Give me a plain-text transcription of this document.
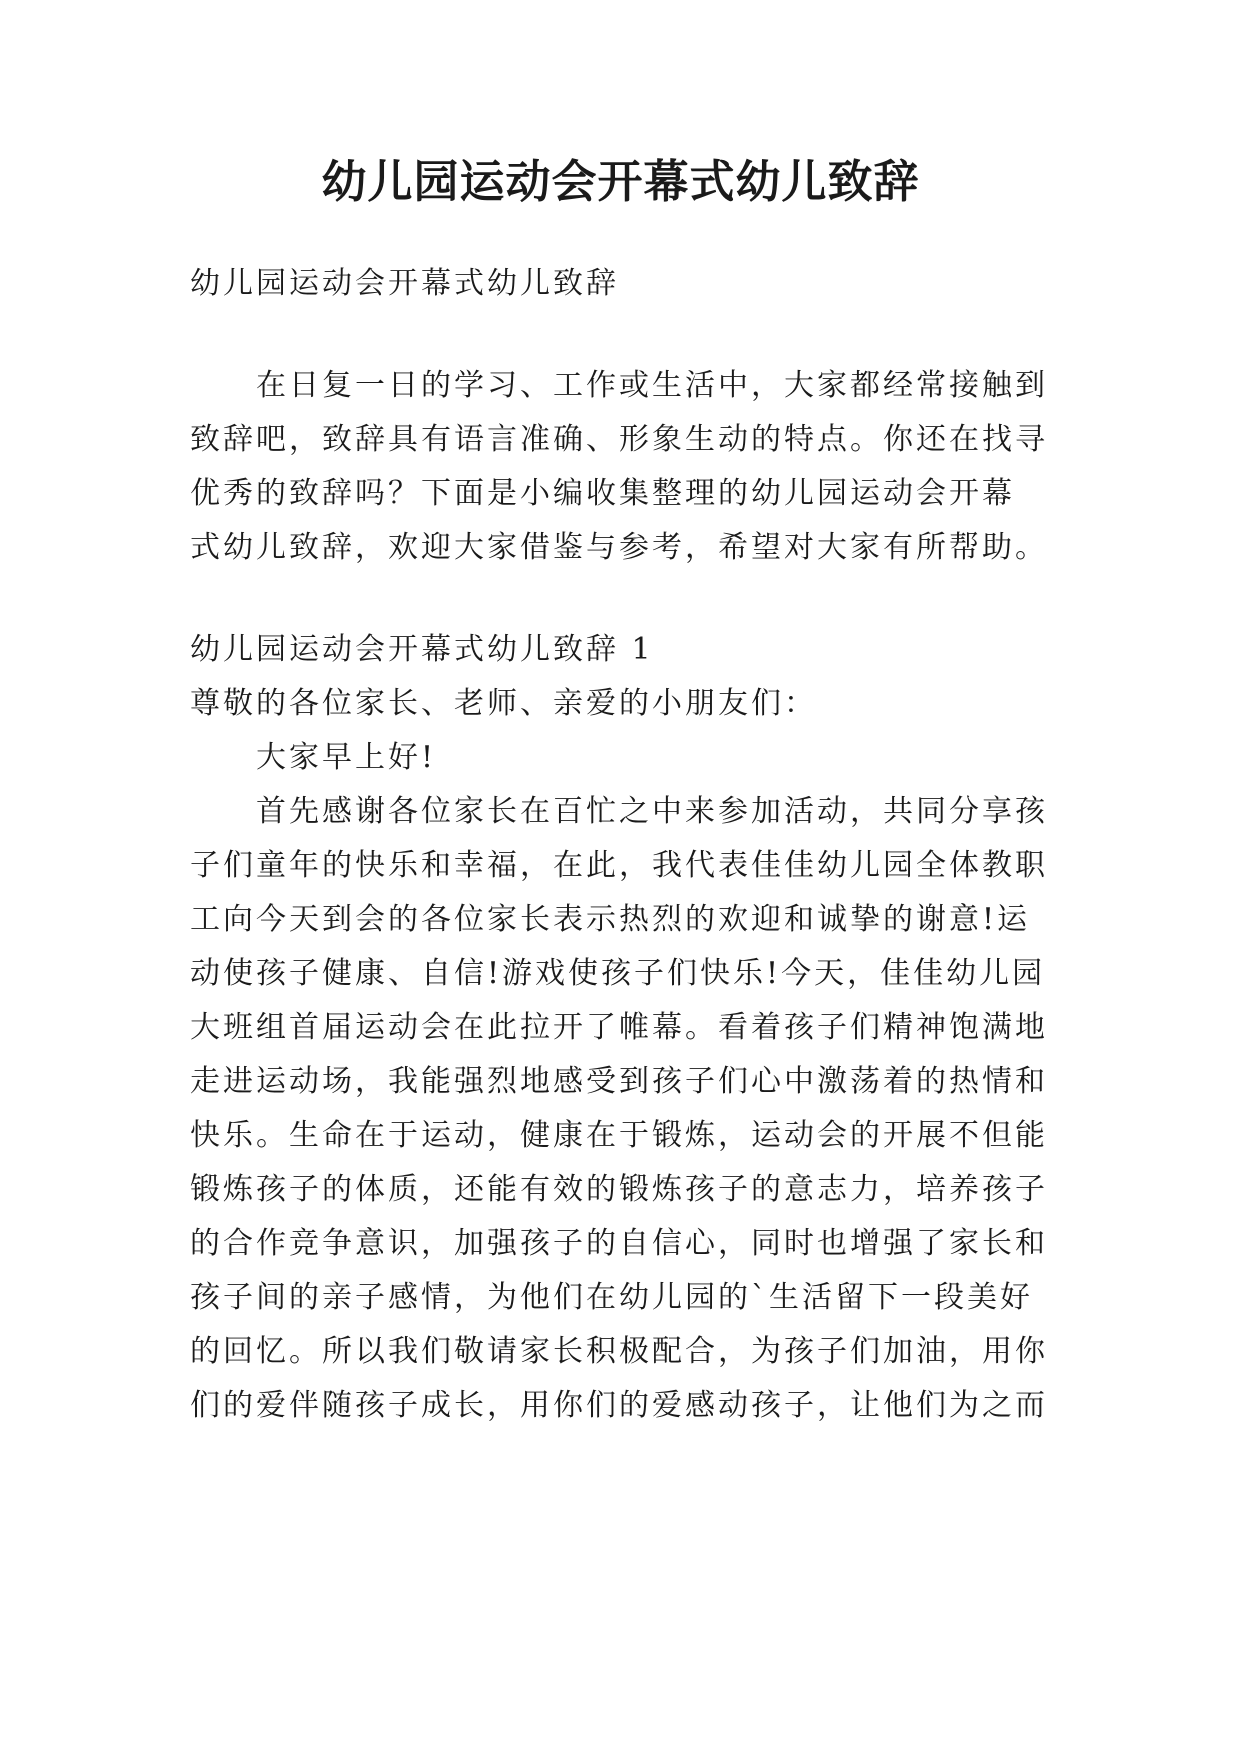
幼儿园运动会开幕式幼儿致辞
幼儿园运动会开幕式幼儿致辞
在日复一日的学习、工作或生活中，大家都经常接触到
致辞吧，致辞具有语言准确、形象生动的特点。你还在找寻
优秀的致辞吗？下面是小编收集整理的幼儿园运动会开幕
式幼儿致辞，欢迎大家借鉴与参考，希望对大家有所帮助。
幼儿园运动会开幕式幼儿致辞 1
尊敬的各位家长、老师、亲爱的小朋友们：
大家早上好!
首先感谢各位家长在百忙之中来参加活动，共同分享孩
子们童年的快乐和幸福，在此，我代表佳佳幼儿园全体教职
工向今天到会的各位家长表示热烈的欢迎和诚挚的谢意!运
动使孩子健康、自信!游戏使孩子们快乐!今天，佳佳幼儿园
大班组首届运动会在此拉开了帷幕。看着孩子们精神饱满地
走进运动场，我能强烈地感受到孩子们心中激荡着的热情和
快乐。生命在于运动，健康在于锻炼，运动会的开展不但能
锻炼孩子的体质，还能有效的锻炼孩子的意志力，培养孩子
的合作竞争意识，加强孩子的自信心，同时也增强了家长和
孩子间的亲子感情，为他们在幼儿园的`生活留下一段美好
的回忆。所以我们敬请家长积极配合，为孩子们加油，用你
们的爱伴随孩子成长，用你们的爱感动孩子，让他们为之而
